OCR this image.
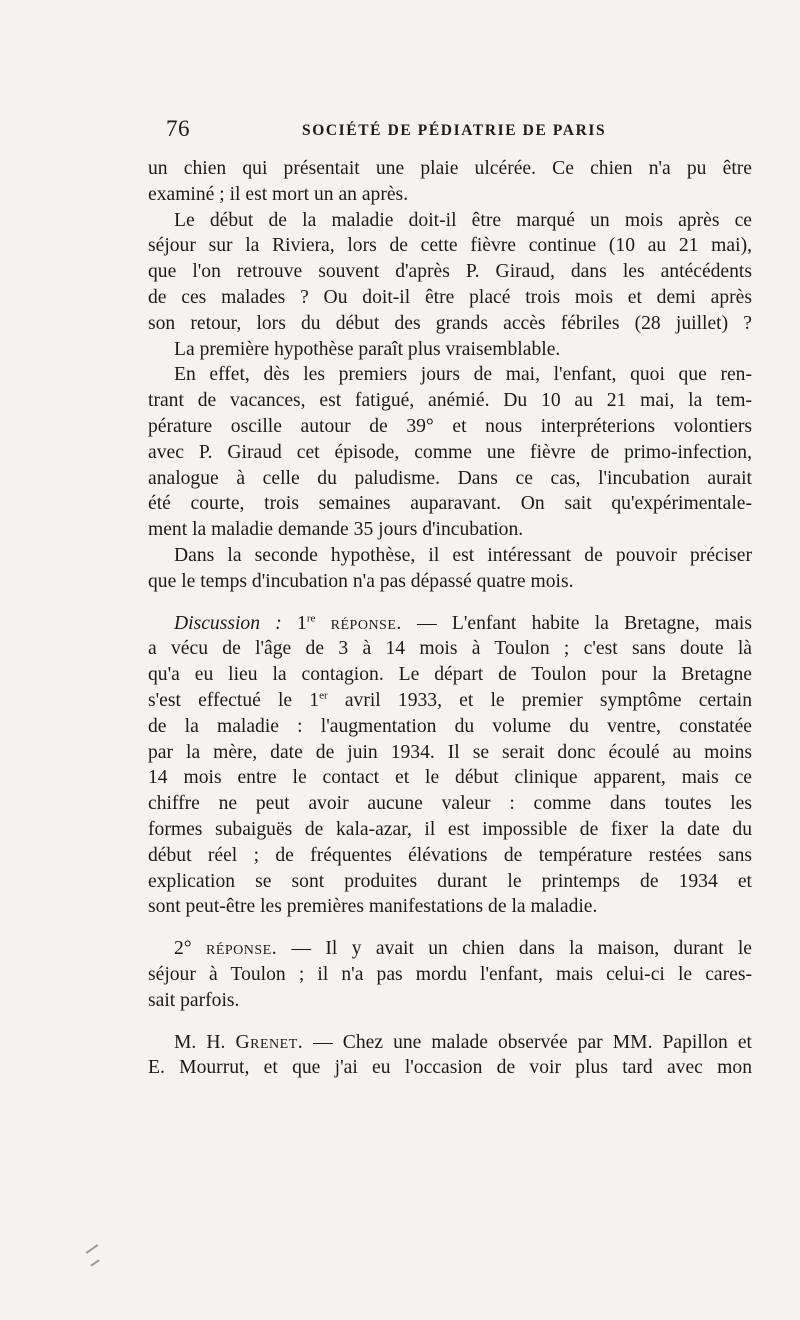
76	SOCIÉTÉ DE PÉDIATRIE DE PARIS
un chien qui présentait une plaie ulcérée. Ce chien n'a pu être
examiné ; il est mort un an après.
Le début de la maladie doit-il être marqué un mois après ce
séjour sur la Riviera, lors de cette fièvre continue (10 au 21 mai),
que l'on retrouve souvent d'après P. Giraud, dans les antécédents
de ces malades ? Ou doit-il être placé trois mois et demi après
son retour, lors du début des grands accès fébriles (28 juillet) ?
La première hypothèse paraît plus vraisemblable.
En effet, dès les premiers jours de mai, l'enfant, quoi que ren-
trant de vacances, est fatigué, anémié. Du 10 au 21 mai, la tem-
pérature oscille autour de 39° et nous interpréterions volontiers
avec P. Giraud cet épisode, comme une fièvre de primo-infection,
analogue à celle du paludisme. Dans ce cas, l'incubation aurait
été courte, trois semaines auparavant. On sait qu'expérimentale-
ment la maladie demande 35 jours d'incubation.
Dans la seconde hypothèse, il est intéressant de pouvoir préciser
que le temps d'incubation n'a pas dépassé quatre mois.
Discussion : 1re réponse. — L'enfant habite la Bretagne, mais
a vécu de l'âge de 3 à 14 mois à Toulon ; c'est sans doute là
qu'a eu lieu la contagion. Le départ de Toulon pour la Bretagne
s'est effectué le 1er avril 1933, et le premier symptôme certain
de la maladie : l'augmentation du volume du ventre, constatée
par la mère, date de juin 1934. Il se serait donc écoulé au moins
14 mois entre le contact et le début clinique apparent, mais ce
chiffre ne peut avoir aucune valeur : comme dans toutes les
formes subaiguës de kala-azar, il est impossible de fixer la date du
début réel ; de fréquentes élévations de température restées sans
explication se sont produites durant le printemps de 1934 et
sont peut-être les premières manifestations de la maladie.
2° réponse. — Il y avait un chien dans la maison, durant le
séjour à Toulon ; il n'a pas mordu l'enfant, mais celui-ci le cares-
sait parfois.
M. H. Grenet. — Chez une malade observée par MM. Papillon et
E. Mourrut, et que j'ai eu l'occasion de voir plus tard avec mon
